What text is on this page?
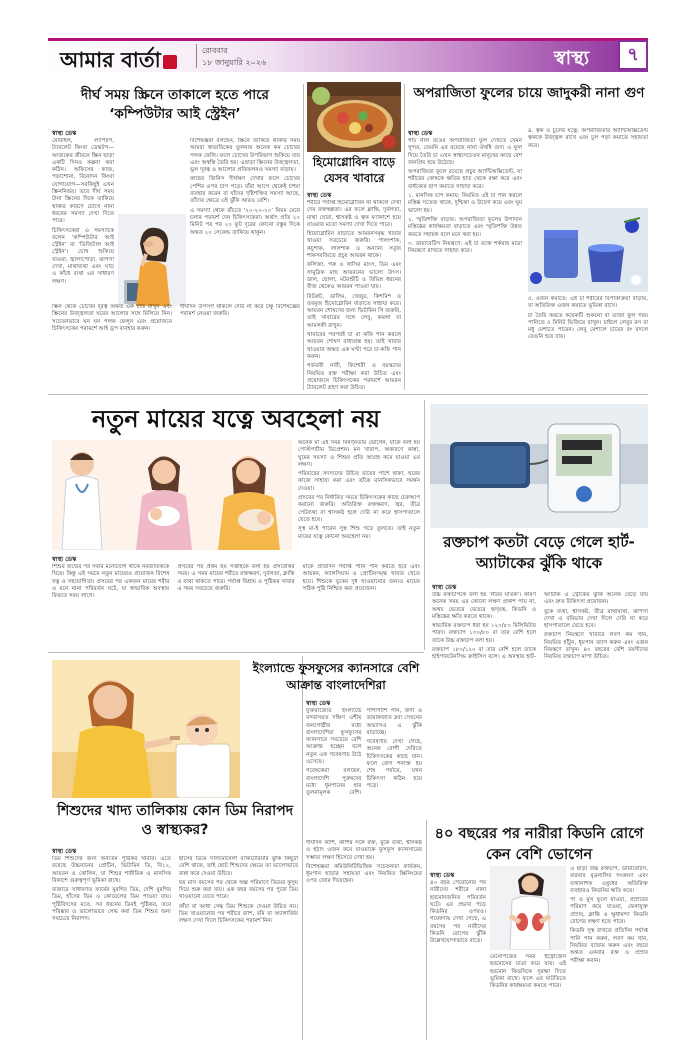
আমার বার্তা	রোববার
১৮ জানুয়ারি ২০২৬	স্বাস্থ্য	৭
দীর্ঘ সময় স্ক্রিনে তাকালে হতে পারে ‘কম্পিউটার আই স্ট্রেইন’
স্বাস্থ্য ডেস্ক

মোবাইল, ল্যাপটপ, ট্যাবলেট কিংবা ডেস্কটপ—আজকের জীবনে স্ক্রিন ছাড়া একটি দিনও কল্পনা করা কঠিন। অফিসের কাজ, পড়াশোনা, বিনোদন কিংবা যোগাযোগ—সবকিছুই এখন স্ক্রিননির্ভর। তবে দীর্ঘ সময় টানা স্ক্রিনের দিকে তাকিয়ে থাকার কারণে চোখে নানা ধরনের সমস্যা দেখা দিতে পারে।

চিকিৎসকেরা এ সমস্যাকে বলেন ‘কম্পিউটার আই স্ট্রেইন’ বা ‘ডিজিটাল আই স্ট্রেইন’। চোখ শুকিয়ে যাওয়া, জ্বালাপোড়া, ঝাপসা দেখা, মাথাব্যথা এবং ঘাড় ও কাঁধে ব্যথা এর সাধারণ লক্ষণ।

বিশেষজ্ঞরা বলছেন, স্ক্রিনে তাকিয়ে থাকার সময় আমরা স্বাভাবিকের তুলনায় অনেক কম চোখের পলক ফেলি। ফলে চোখের উপরিভাগ শুকিয়ে যায় এবং অস্বস্তি তৈরি হয়। এছাড়া স্ক্রিনের উজ্জ্বলতা, ভুল দূরত্ব ও আলোর প্রতিফলনও সমস্যা বাড়ায়।

কাছের জিনিস দীর্ঘক্ষণ দেখার ফলে চোখের পেশির ওপর চাপ পড়ে। যাঁরা আগে থেকেই চশমা ব্যবহার করেন বা যাঁদের দৃষ্টিশক্তির সমস্যা আছে, তাঁদের ক্ষেত্রে এই ঝুঁকি আরও বেশি।

এ সমস্যা থেকে বাঁচতে ‘২০-২০-২০’ নিয়ম মেনে চলার পরামর্শ দেন চিকিৎসকেরা। অর্থাৎ প্রতি ২০ মিনিট পর পর ২০ ফুট দূরের কোনো বস্তুর দিকে অন্তত ২০ সেকেন্ড তাকিয়ে থাকুন।

স্ক্রিন থেকে চোখের দূরত্ব অন্তত এক হাত রাখুন এবং স্ক্রিনের উজ্জ্বলতা ঘরের আলোর সঙ্গে মিলিয়ে নিন। সচেতনভাবে ঘন ঘন পলক ফেলুন এবং প্রয়োজনে চিকিৎসকের পরামর্শে আই ড্রপ ব্যবহার করুন।

দীর্ঘদিন উপসর্গ থাকলে দেরি না করে চক্ষু বিশেষজ্ঞের পরামর্শ নেওয়া জরুরি।

হিমোগ্লোবিন বাড়ে যেসব খাবারে
স্বাস্থ্য ডেস্ক

শরীরে পর্যাপ্ত হিমোগ্লোবিন না থাকলে দেখা দেয় রক্তস্বল্পতা। এর ফলে ক্লান্তি, দুর্বলতা, মাথা ঘোরা, শ্বাসকষ্ট ও ত্বক ফ্যাকাশে হয়ে যাওয়ার মতো সমস্যা দেখা দিতে পারে।

হিমোগ্লোবিন বাড়াতে আয়রনসমৃদ্ধ খাবার খাওয়া সবচেয়ে জরুরি। পালংশাক, কচুশাক, লালশাক ও অন্যান্য সবুজ শাকসবজিতে প্রচুর আয়রন থাকে।

কলিজা, গরু ও খাসির মাংস, ডিম এবং সামুদ্রিক মাছ আয়রনের ভালো উৎস। ডাল, ছোলা, মটরশুঁটি ও বিভিন্ন ধরনের বীজ থেকেও আয়রন পাওয়া যায়।

বিটরুট, ডালিম, খেজুর, কিশমিশ ও তরমুজ হিমোগ্লোবিন বাড়াতে সাহায্য করে। আয়রন শোষণের জন্য ভিটামিন সি জরুরি, তাই খাবারের সঙ্গে লেবু, কমলা বা আমলকী রাখুন।

খাবারের পরপরই চা বা কফি পান করলে আয়রন শোষণ বাধাগ্রস্ত হয়। তাই খাবার খাওয়ার অন্তত এক ঘণ্টা পরে চা-কফি পান করুন।

গর্ভবতী নারী, কিশোরী ও বয়স্কদের নিয়মিত রক্ত পরীক্ষা করা উচিত এবং প্রয়োজনে চিকিৎসকের পরামর্শে আয়রন ট্যাবলেট গ্রহণ করা উচিত।

অপরাজিতা ফুলের চায়ে জাদুকরী নানা গুণ
স্বাস্থ্য ডেস্ক

গাঢ় নীল রঙের অপরাজিতা ফুল দেখতে যেমন সুন্দর, তেমনি এর রয়েছে নানা ঔষধি গুণ। এ ফুল দিয়ে তৈরি চা এখন স্বাস্থ্যসচেতন মানুষের কাছে বেশ জনপ্রিয় হয়ে উঠেছে।

অপরাজিতা ফুলে রয়েছে প্রচুর অ্যান্টিঅক্সিডেন্ট, যা শরীরের কোষকে ক্ষতির হাত থেকে রক্ষা করে এবং বার্ধক্যের ছাপ কমাতে সাহায্য করে।

১. মানসিক চাপ কমায়: নিয়মিত এই চা পান করলে মস্তিষ্ক সতেজ থাকে, দুশ্চিন্তা ও উদ্বেগ কমে এবং ঘুম ভালো হয়।

২. স্মৃতিশক্তি বাড়ায়: অপরাজিতা ফুলের উপাদান মস্তিষ্কের কার্যক্ষমতা বাড়াতে এবং স্মৃতিশক্তি উন্নত করতে সহায়ক বলে মনে করা হয়।

৩. ডায়াবেটিস নিয়ন্ত্রণে: এই চা রক্তে শর্করার মাত্রা নিয়ন্ত্রণে রাখতে সাহায্য করে।

৪. ত্বক ও চুলের যত্নে: অপরাজিতার অ্যান্টিঅক্সিডেন্ট ত্বককে উজ্জ্বল রাখে এবং চুল পড়া কমাতে সহায়তা করে।

৫. ওজন কমাতে: এই চা শরীরের বিপাকক্রিয়া বাড়ায়, যা অতিরিক্ত ওজন কমাতে ভূমিকা রাখে।

চা তৈরি করতে কয়েকটি শুকনো বা তাজা ফুল গরম পানিতে ৫ মিনিট ভিজিয়ে রাখুন। চাইলে লেবুর রস বা মধু মেশাতে পারেন। লেবু মেশালে চায়ের রং বদলে বেগুনি হয়ে যায়।

নতুন মায়ের যত্নে অবহেলা নয়
স্বাস্থ্য ডেস্ক

শিশুর জন্মের পর সবার মনোযোগ থাকে নবজাতককে ঘিরে। কিন্তু এই সময়ে নতুন মায়েরও প্রয়োজন বিশেষ যত্ন ও সহযোগিতা। প্রসবের পর একজন মায়ের শরীর ও মনে নানা পরিবর্তন ঘটে, যা স্বাভাবিক অবস্থায় ফিরতে সময় লাগে।

প্রসবের পর প্রথম ছয় সপ্তাহকে বলা হয় প্রসবোত্তর সময়। এ সময় মায়ের শরীরে রক্তক্ষরণ, দুর্বলতা, ক্লান্তি ও ব্যথা থাকতে পারে। পর্যাপ্ত বিশ্রাম ও পুষ্টিকর খাবার এ সময় সবচেয়ে জরুরি।

মাকে প্রতিদিন পর্যাপ্ত পানি পান করতে হবে এবং আয়রন, ক্যালসিয়াম ও প্রোটিনসমৃদ্ধ খাবার খেতে হবে। শিশুকে বুকের দুধ খাওয়ানোর জন্যও মায়ের সঠিক পুষ্টি নিশ্চিত করা প্রয়োজন।

অনেক মা এই সময় বিষণ্নতায় ভোগেন, যাকে বলা হয় পোস্টপার্টাম ডিপ্রেশন। মন খারাপ, অকারণে কান্না, ঘুমের সমস্যা ও শিশুর প্রতি আগ্রহ কমে যাওয়া এর লক্ষণ।

পরিবারের সদস্যদের উচিত মায়ের পাশে থাকা, ঘরের কাজে সাহায্য করা এবং তাঁকে মানসিকভাবে সমর্থন দেওয়া।

প্রসবের পর নির্ধারিত সময়ে চিকিৎসকের কাছে চেকআপ করানো জরুরি। অতিরিক্ত রক্তক্ষরণ, জ্বর, তীব্র পেটব্যথা বা শ্বাসকষ্ট হলে দেরি না করে হাসপাতালে যেতে হবে।

সুস্থ মা-ই পারেন সুস্থ শিশু গড়ে তুলতে। তাই নতুন মায়ের যত্নে কোনো অবহেলা নয়।	রক্তচাপ কতটা বেড়ে গেলে হার্ট-অ্যাটাকের ঝুঁকি থাকে
স্বাস্থ্য ডেস্ক

উচ্চ রক্তচাপকে বলা হয় ‘নীরব ঘাতক’। কারণ অনেক সময় এর কোনো লক্ষণ প্রকাশ পায় না, অথচ ভেতরে ভেতরে হৃদ্‌যন্ত্র, কিডনি ও মস্তিষ্কের ক্ষতি করতে থাকে।

স্বাভাবিক রক্তচাপ ধরা হয় ১২০/৮০ মিলিমিটার পারদ। রক্তচাপ ১৩০/৮০ বা তার বেশি হলে তাকে উচ্চ রক্তচাপ বলা হয়।

রক্তচাপ ১৮০/১২০ বা তার বেশি হলে তাকে হাইপারটেনসিভ ক্রাইসিস বলে। এ অবস্থায় হার্ট-অ্যাটাক ও স্ট্রোকের ঝুঁকি অনেক বেড়ে যায় এবং দ্রুত চিকিৎসা প্রয়োজন।

বুকে ব্যথা, শ্বাসকষ্ট, তীব্র মাথাব্যথা, ঝাপসা দেখা ও বমিভাব দেখা দিলে দেরি না করে হাসপাতালে যেতে হবে।

রক্তচাপ নিয়ন্ত্রণে খাবারে লবণ কম খান, নিয়মিত হাঁটুন, ধূমপান ত্যাগ করুন এবং ওজন নিয়ন্ত্রণে রাখুন। ৪০ বছরের বেশি বয়সীদের নিয়মিত রক্তচাপ মাপা উচিত।

শিশুদের খাদ্য তালিকায় কোন ডিম নিরাপদ ও স্বাস্থ্যকর?
স্বাস্থ্য ডেস্ক

ডিম শিশুদের জন্য অন্যতম পুষ্টিকর খাবার। এতে রয়েছে উচ্চমানের প্রোটিন, ভিটামিন ডি, বি১২, আয়রন ও কোলিন, যা শিশুর শারীরিক ও মানসিক বিকাশে গুরুত্বপূর্ণ ভূমিকা রাখে।

বাজারে সাধারণত ফার্মের মুরগির ডিম, দেশি মুরগির ডিম, হাঁসের ডিম ও কোয়েলের ডিম পাওয়া যায়। পুষ্টিবিদদের মতে, সব ধরনের ডিমই পুষ্টিকর, তবে পরিষ্কার ও ভালোভাবে সেদ্ধ করা ডিম শিশুর জন্য সবচেয়ে নিরাপদ।

হাঁসের ডিমে সালমোনেলা ব্যাকটেরিয়ার ঝুঁকি কিছুটা বেশি থাকে, তাই ছোট শিশুদের ক্ষেত্রে তা ভালোভাবে রান্না করে দেওয়া উচিত।

ছয় মাস বয়সের পর থেকে অল্প পরিমাণে ডিমের কুসুম দিয়ে শুরু করা যায়। এক বছর বয়সের পর পুরো ডিম খাওয়ানো যেতে পারে।

কাঁচা বা আধা সেদ্ধ ডিম শিশুকে দেওয়া উচিত নয়। ডিম খাওয়ানোর পর শরীরে র‍্যাশ, বমি বা অ্যালার্জির লক্ষণ দেখা দিলে চিকিৎসকের পরামর্শ নিন।

ইংল্যান্ডে ফুসফুসের ক্যানসারে বেশি আক্রান্ত বাংলাদেশিরা
স্বাস্থ্য ডেস্ক

যুক্তরাজ্যের ইংল্যান্ডে বসবাসরত দক্ষিণ এশীয় জনগোষ্ঠীর মধ্যে বাংলাদেশিরা ফুসফুসের ক্যানসারে সবচেয়ে বেশি আক্রান্ত হচ্ছেন বলে নতুন এক গবেষণায় উঠে এসেছে।

গবেষকেরা বলছেন, বাংলাদেশি পুরুষদের মধ্যে ধূমপানের হার তুলনামূলক বেশি। পাশাপাশি পান, জর্দা ও তামাকজাত দ্রব্য সেবনের অভ্যাসও এ ঝুঁকি বাড়াচ্ছে।

গবেষণায় দেখা গেছে, অনেক রোগী দেরিতে চিকিৎসকের কাছে যান। ফলে রোগ শনাক্ত হয় শেষ পর্যায়ে, যখন চিকিৎসা কঠিন হয়ে পড়ে।

দীর্ঘদিন কাশি, কাশির সঙ্গে রক্ত, বুকে ব্যথা, শ্বাসকষ্ট ও হঠাৎ ওজন কমে যাওয়াকে ফুসফুস ক্যানসারের সম্ভাব্য লক্ষণ হিসেবে দেখা হয়।

বিশেষজ্ঞরা কমিউনিটিভিত্তিক সচেতনতা কার্যক্রম, ধূমপান ছাড়ার সহায়তা এবং নিয়মিত স্ক্রিনিংয়ের ওপর জোর দিয়েছেন।

৪০ বছরের পর নারীরা কিডনি রোগে কেন বেশি ভোগেন
স্বাস্থ্য ডেস্ক

৪০ বছর পেরোনোর পর নারীদের শরীরে নানা হরমোনজনিত পরিবর্তন ঘটে। এর প্রভাব পড়ে কিডনির ওপরও। গবেষণায় দেখা গেছে, এ বয়সের পর নারীদের কিডনি রোগের ঝুঁকি উল্লেখযোগ্যভাবে বাড়ে।

মেনোপজের সময় ইস্ট্রোজেন হরমোনের মাত্রা কমে যায়। এই হরমোন কিডনিকে সুরক্ষা দিতে ভূমিকা রাখে। ফলে এর ঘাটতিতে কিডনির কার্যক্ষমতা কমতে পারে।

এ ছাড়া উচ্চ রক্তচাপ, ডায়াবেটিস, বারবার মূত্রনালির সংক্রমণ এবং ব্যথানাশক ওষুধের অতিরিক্ত ব্যবহারও কিডনির ক্ষতি করে।

পা ও মুখ ফুলে যাওয়া, প্রস্রাবের পরিমাণ কমে যাওয়া, ফেনাযুক্ত প্রস্রাব, ক্লান্তি ও ক্ষুধামন্দা কিডনি রোগের লক্ষণ হতে পারে।

কিডনি সুস্থ রাখতে প্রতিদিন পর্যাপ্ত পানি পান করুন, লবণ কম খান, নিয়মিত ব্যায়াম করুন এবং বছরে অন্তত একবার রক্ত ও প্রস্রাব পরীক্ষা করান।
